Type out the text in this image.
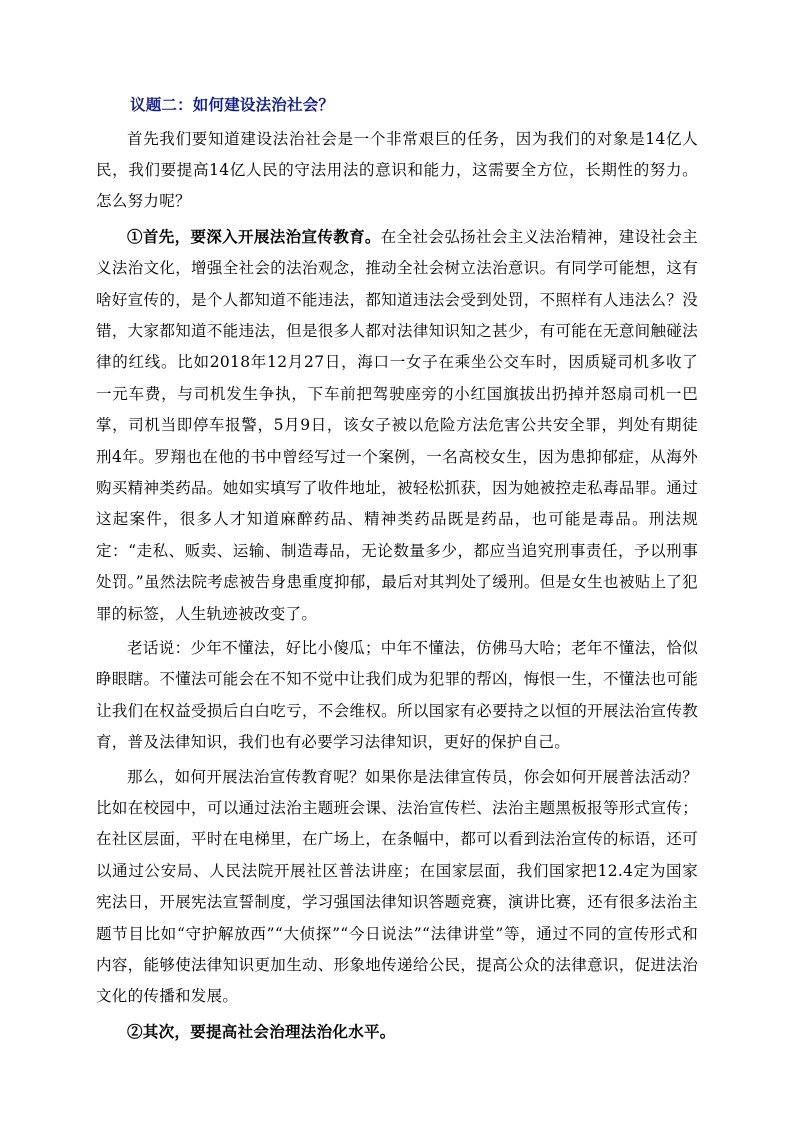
议题二：如何建设法治社会？

首先我们要知道建设法治社会是一个非常艰巨的任务，因为我们的对象是14亿人民，我们要提高14亿人民的守法用法的意识和能力，这需要全方位，长期性的努力。怎么努力呢？

①首先，要深入开展法治宣传教育。在全社会弘扬社会主义法治精神，建设社会主义法治文化，增强全社会的法治观念，推动全社会树立法治意识。有同学可能想，这有啥好宣传的，是个人都知道不能违法，都知道违法会受到处罚，不照样有人违法么？没错，大家都知道不能违法，但是很多人都对法律知识知之甚少，有可能在无意间触碰法律的红线。比如2018年12月27日，海口一女子在乘坐公交车时，因质疑司机多收了一元车费，与司机发生争执，下车前把驾驶座旁的小红国旗拔出扔掉并怒扇司机一巴掌，司机当即停车报警，5月9日，该女子被以危险方法危害公共安全罪，判处有期徒刑4年。罗翔也在他的书中曾经写过一个案例，一名高校女生，因为患抑郁症，从海外购买精神类药品。她如实填写了收件地址，被轻松抓获，因为她被控走私毒品罪。通过这起案件，很多人才知道麻醉药品、精神类药品既是药品，也可能是毒品。刑法规定：“走私、贩卖、运输、制造毒品，无论数量多少，都应当追究刑事责任，予以刑事处罚。”虽然法院考虑被告身患重度抑郁，最后对其判处了缓刑。但是女生也被贴上了犯罪的标签，人生轨迹被改变了。

老话说：少年不懂法，好比小傻瓜；中年不懂法，仿佛马大哈；老年不懂法，恰似睁眼瞎。不懂法可能会在不知不觉中让我们成为犯罪的帮凶，悔恨一生，不懂法也可能让我们在权益受损后白白吃亏，不会维权。所以国家有必要持之以恒的开展法治宣传教育，普及法律知识，我们也有必要学习法律知识，更好的保护自己。

那么，如何开展法治宣传教育呢？如果你是法律宣传员，你会如何开展普法活动？比如在校园中，可以通过法治主题班会课、法治宣传栏、法治主题黑板报等形式宣传；在社区层面，平时在电梯里，在广场上，在条幅中，都可以看到法治宣传的标语，还可以通过公安局、人民法院开展社区普法讲座；在国家层面，我们国家把12.4定为国家宪法日，开展宪法宣誓制度，学习强国法律知识答题竞赛，演讲比赛，还有很多法治主题节目比如“守护解放西”“大侦探”“今日说法”“法律讲堂”等，通过不同的宣传形式和内容，能够使法律知识更加生动、形象地传递给公民，提高公众的法律意识，促进法治文化的传播和发展。

②其次，要提高社会治理法治化水平。
